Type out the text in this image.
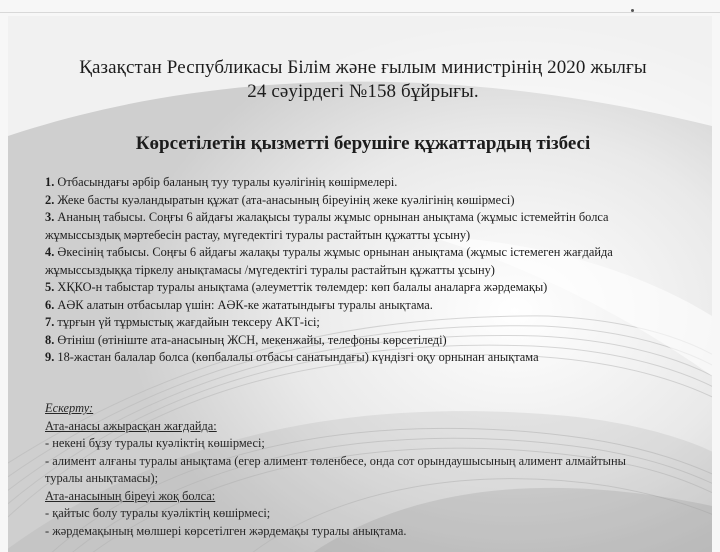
Қазақстан Республикасы Білім және ғылым министрінің 2020 жылғы
24 сәуірдегі №158 бұйрығы.
Көрсетілетін қызметті берушіге құжаттардың тізбесі
1. Отбасындағы әрбір баланың туу туралы куәлігінің көшірмелері.
2. Жеке басты куәландыратын құжат (ата-анасының біреуінің жеке куәлігінің көшірмесі)
3. Ананың табысы. Соңғы 6 айдағы жалақысы туралы жұмыс орнынан анықтама (жұмыс істемейтін болса
жұмыссыздық мәртебесін растау, мүгедектігі туралы растайтын құжатты ұсыну)
4. Әкесінің табысы. Соңғы 6 айдағы жалақы туралы жұмыс орнынан анықтама (жұмыс істемеген жағдайда
жұмыссыздыққа тіркелу анықтамасы /мүгедектігі туралы растайтын құжатты ұсыну)
5. ХҚКО-н табыстар туралы анықтама (әлеуметтік төлемдер: көп балалы аналарға жәрдемақы)
6. АӘК алатын отбасылар үшін: АӘК-ке жататындығы туралы анықтама.
7. тұрғын үй тұрмыстық жағдайын тексеру АКТ-ісі;
8. Өтініш (өтініште ата-анасының ЖСН, мекенжайы, телефоны көрсетіледі)
9. 18-жастан балалар болса (көпбалалы отбасы санатындағы) күндізгі оқу орнынан анықтама
Ескерту:
Ата-анасы ажырасқан жағдайда:
- некені бұзу туралы куәліктің көшірмесі;
- алимент алғаны туралы анықтама (егер алимент төленбесе, онда сот орындаушысының алимент алмайтыны
туралы анықтамасы);
Ата-анасының біреуі жоқ болса:
- қайтыс болу туралы куәліктің көшірмесі;
- жәрдемақының мөлшері көрсетілген жәрдемақы туралы анықтама.
